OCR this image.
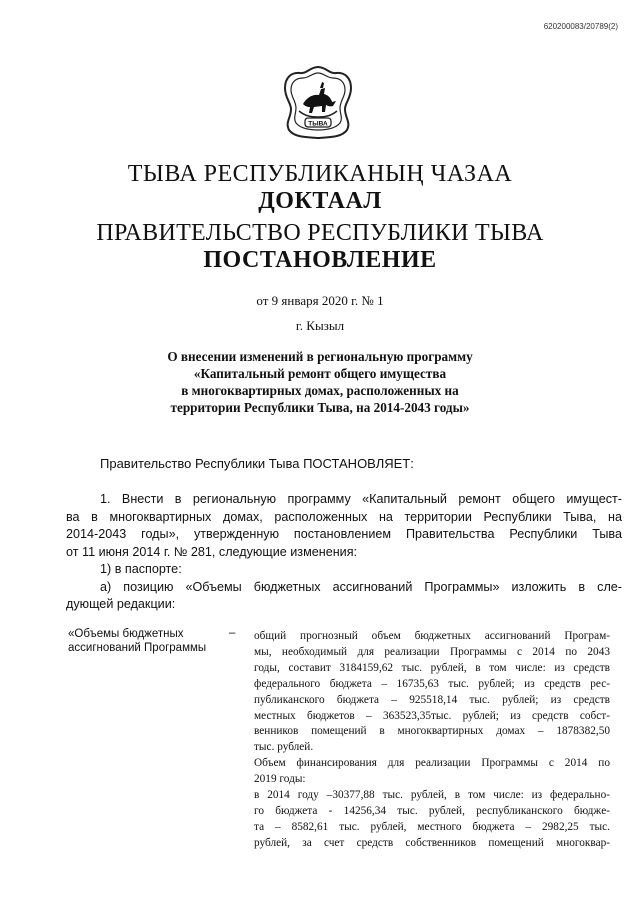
620200083/20789(2)
ТЫВА
ТЫВА РЕСПУБЛИКАНЫҢ ЧАЗАА
ДОКТААЛ
ПРАВИТЕЛЬСТВО РЕСПУБЛИКИ ТЫВА
ПОСТАНОВЛЕНИЕ
от 9 января 2020 г. № 1
г. Кызыл
О внесении изменений в региональную программу
«Капитальный ремонт общего имущества
в многоквартирных домах, расположенных на
территории Республики Тыва, на 2014-2043 годы»
Правительство Республики Тыва ПОСТАНОВЛЯЕТ:
1. Внести в региональную программу «Капитальный ремонт общего имущест-
ва в многоквартирных домах, расположенных на территории Республики Тыва, на
2014-2043 годы», утвержденную постановлением Правительства Республики Тыва
от 11 июня 2014 г. № 281, следующие изменения:
1) в паспорте:
а) позицию «Объемы бюджетных ассигнований Программы» изложить в сле-
дующей редакции:
«Объемы бюджетных
ассигнований Программы
– общий прогнозный объем бюджетных ассигнований Програм-
мы, необходимый для реализации Программы с 2014 по 2043
годы, составит 3184159,62 тыс. рублей, в том числе: из средств
федерального бюджета – 16735,63 тыс. рублей; из средств рес-
публиканского бюджета – 925518,14 тыс. рублей; из средств
местных бюджетов – 363523,35тыс. рублей; из средств собст-
венников помещений в многоквартирных домах – 1878382,50
тыс. рублей.
Объем финансирования для реализации Программы с 2014 по
2019 годы:
в 2014 году –30377,88 тыс. рублей, в том числе: из федерально-
го бюджета - 14256,34 тыс. рублей, республиканского бюджe-
та – 8582,61 тыс. рублей, местного бюджета – 2982,25 тыс.
рублей, за счет средств собственников помещений многоквар-
